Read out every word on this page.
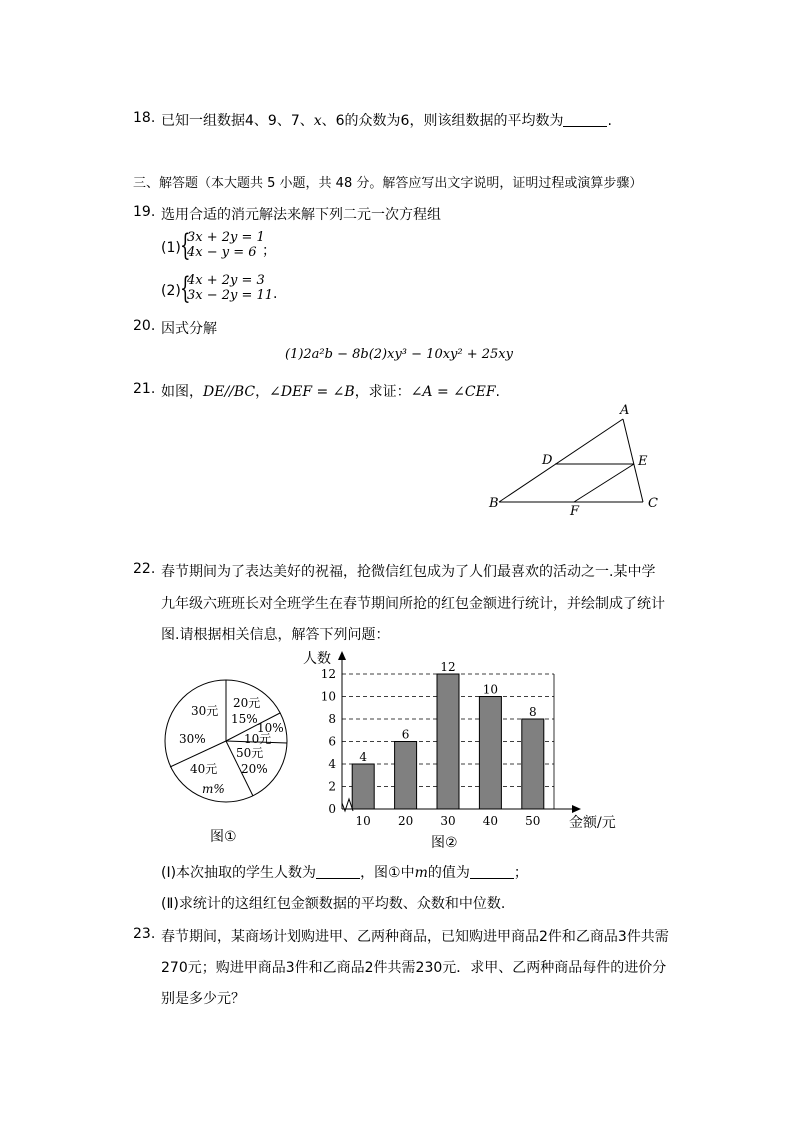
18. 已知一组数据4、9、7、x、6的众数为6，则该组数据的平均数为	.
三、解答题（本大题共 5 小题，共 48 分。解答应写出文字说明，证明过程或演算步骤）
19. 选用合适的消元解法来解下列二元一次方程组
(1) {
3x + 2y = 1
4x − y = 6 ；
(2) {
4x + 2y = 3
3x − 2y = 11 .
20. 因式分解
(1)2a²b − 8b(2)xy³ − 10xy² + 25xy
21. 如图，DE//BC，∠DEF = ∠B，求证：∠A = ∠CEF.
A
B	C
D	E
F
22. 春节期间为了表达美好的祝福，抢微信红包成为了人们最喜欢的活动之一.某中学
九年级六班班长对全班学生在春节期间所抢的红包金额进行统计，并绘制成了统计
图.请根据相关信息，解答下列问题：
30元
30%
20元
15%
10%
10元
50元
20%
40元
m%
图①
4
6
12
10
8
0
2
4
6
8
10
12
10 20 30 40 50
人数
金额/元
图②
(Ⅰ)本次抽取的学生人数为	，图①中m的值为	；
(Ⅱ)求统计的这组红包金额数据的平均数、众数和中位数.
23. 春节期间，某商场计划购进甲、乙两种商品，已知购进甲商品2件和乙商品3件共需
270元；购进甲商品3件和乙商品2件共需230元．求甲、乙两种商品每件的进价分
别是多少元？
